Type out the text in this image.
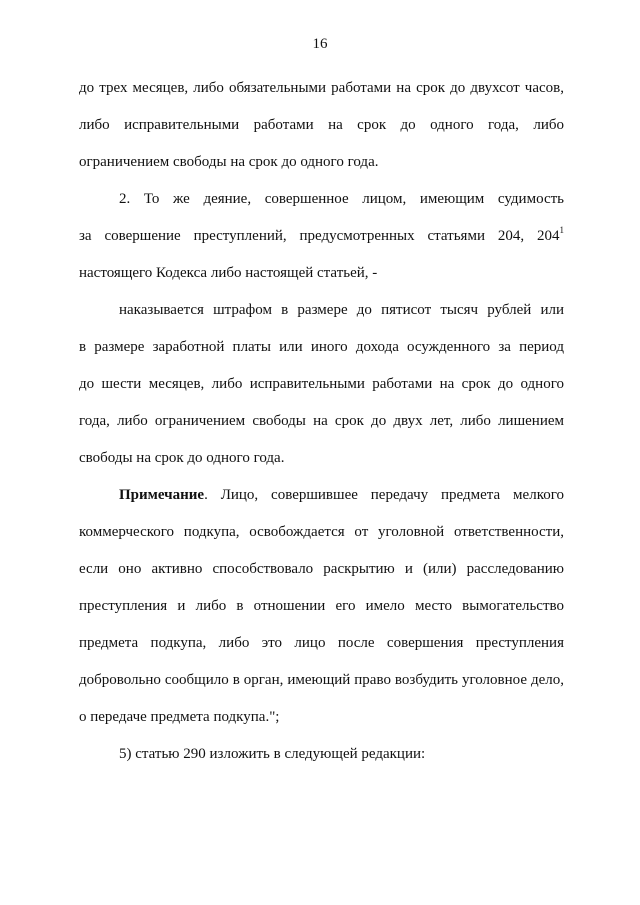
16

до трех месяцев, либо обязательными работами на срок до двухсот часов,
либо исправительными работами на срок до одного года, либо
ограничением свободы на срок до одного года.

2. То же деяние, совершенное лицом, имеющим судимость
за совершение преступлений, предусмотренных статьями 204, $204^1$
настоящего Кодекса либо настоящей статьей, -

наказывается штрафом в размере до пятисот тысяч рублей или
в размере заработной платы или иного дохода осужденного за период
до шести месяцев, либо исправительными работами на срок до одного
года, либо ограничением свободы на срок до двух лет, либо лишением
свободы на срок до одного года.

Примечание. Лицо, совершившее передачу предмета мелкого
коммерческого подкупа, освобождается от уголовной ответственности,
если оно активно способствовало раскрытию и (или) расследованию
преступления и либо в отношении его имело место вымогательство
предмета подкупа, либо это лицо после совершения преступления
добровольно сообщило в орган, имеющий право возбудить уголовное дело,
о передаче предмета подкупа.";

5) статью 290 изложить в следующей редакции:
